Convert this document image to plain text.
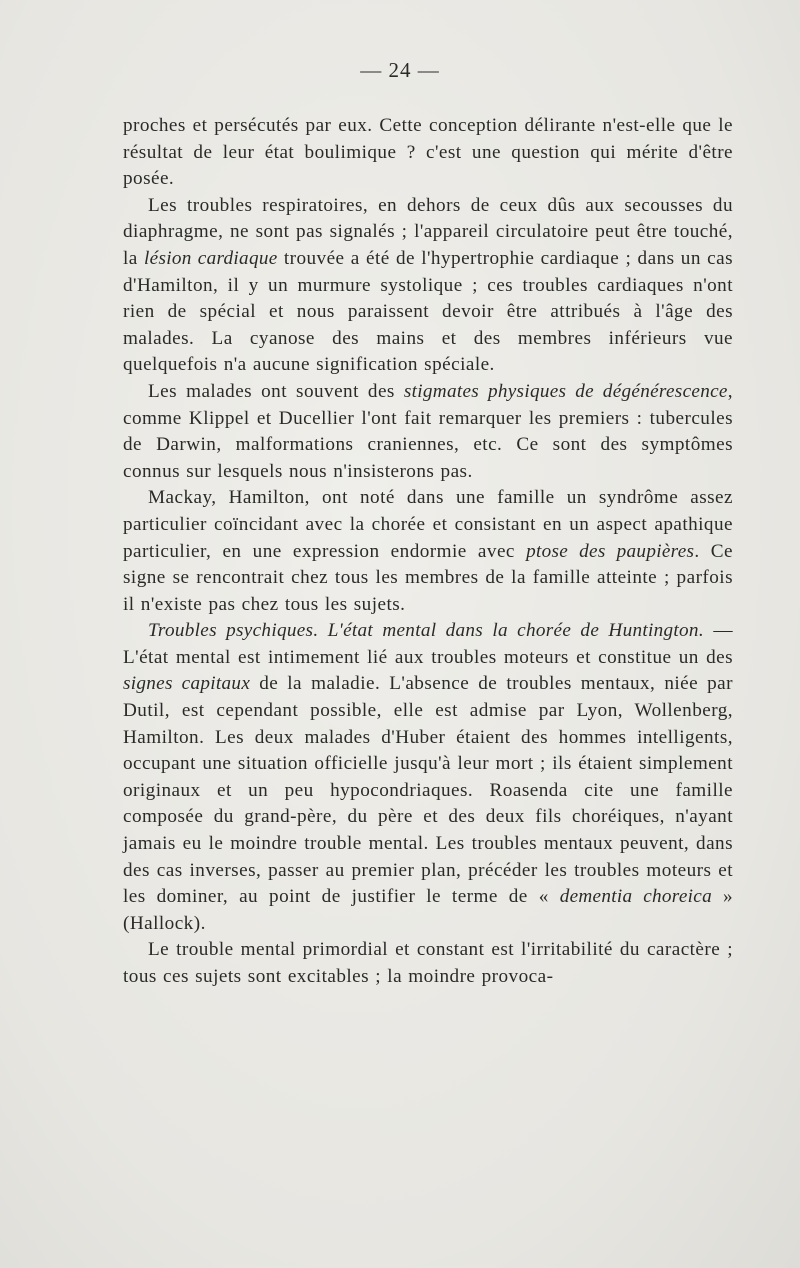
— 24 —

proches et persécutés par eux. Cette conception délirante n'est-elle que le résultat de leur état boulimique ? c'est une question qui mérite d'être posée.

Les troubles respiratoires, en dehors de ceux dûs aux secousses du diaphragme, ne sont pas signalés ; l'appareil circulatoire peut être touché, la lésion cardiaque trouvée a été de l'hypertrophie cardiaque ; dans un cas d'Hamilton, il y un murmure systolique ; ces troubles cardiaques n'ont rien de spécial et nous paraissent devoir être attribués à l'âge des malades. La cyanose des mains et des membres inférieurs vue quelquefois n'a aucune signification spéciale.

Les malades ont souvent des stigmates physiques de dégénérescence, comme Klippel et Ducellier l'ont fait remarquer les premiers : tubercules de Darwin, malformations craniennes, etc. Ce sont des symptômes connus sur lesquels nous n'insisterons pas.

Mackay, Hamilton, ont noté dans une famille un syndrôme assez particulier coïncidant avec la chorée et consistant en un aspect apathique particulier, en une expression endormie avec ptose des paupières. Ce signe se rencontrait chez tous les membres de la famille atteinte ; parfois il n'existe pas chez tous les sujets.

Troubles psychiques. L'état mental dans la chorée de Huntington. — L'état mental est intimement lié aux troubles moteurs et constitue un des signes capitaux de la maladie. L'absence de troubles mentaux, niée par Dutil, est cependant possible, elle est admise par Lyon, Wollenberg, Hamilton. Les deux malades d'Huber étaient des hommes intelligents, occupant une situation officielle jusqu'à leur mort ; ils étaient simplement originaux et un peu hypocondriaques. Roasenda cite une famille composée du grand-père, du père et des deux fils choréiques, n'ayant jamais eu le moindre trouble mental. Les troubles mentaux peuvent, dans des cas inverses, passer au premier plan, précéder les troubles moteurs et les dominer, au point de justifier le terme de « dementia choreica » (Hallock).

Le trouble mental primordial et constant est l'irritabilité du caractère ; tous ces sujets sont excitables ; la moindre provoca-
